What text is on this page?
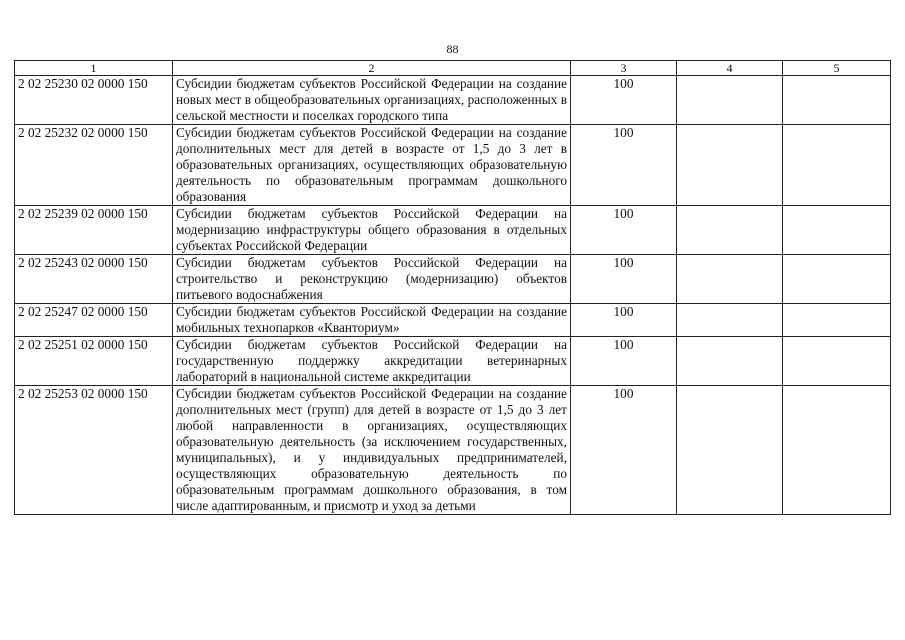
88
1	2	3	4	5
2 02 25230 02 0000 150	Субсидии бюджетам субъектов Российской Федерации на создание новых мест в общеобразовательных организациях, расположенных в сельской местности и поселках городского типа	100		
2 02 25232 02 0000 150	Субсидии бюджетам субъектов Российской Федерации на создание дополнительных мест для детей в возрасте от 1,5 до 3 лет в образовательных организациях, осуществляющих образовательную деятельность по образовательным программам дошкольного образования	100		
2 02 25239 02 0000 150	Субсидии бюджетам субъектов Российской Федерации на модернизацию инфраструктуры общего образования в отдельных субъектах Российской Федерации	100		
2 02 25243 02 0000 150	Субсидии бюджетам субъектов Российской Федерации на строительство и реконструкцию (модернизацию) объектов питьевого водоснабжения	100		
2 02 25247 02 0000 150	Субсидии бюджетам субъектов Российской Федерации на создание мобильных технопарков «Кванториум»	100		
2 02 25251 02 0000 150	Субсидии бюджетам субъектов Российской Федерации на государственную поддержку аккредитации ветеринарных лабораторий в национальной системе аккредитации	100		
2 02 25253 02 0000 150	Субсидии бюджетам субъектов Российской Федерации на создание дополнительных мест (групп) для детей в возрасте от 1,5 до 3 лет любой направленности в организациях, осуществляющих образовательную деятельность (за исключением государственных, муниципальных), и у индивидуальных предпринимателей, осуществляющих образовательную деятельность по образовательным программам дошкольного образования, в том числе адаптированным, и присмотр и уход за детьми	100		
